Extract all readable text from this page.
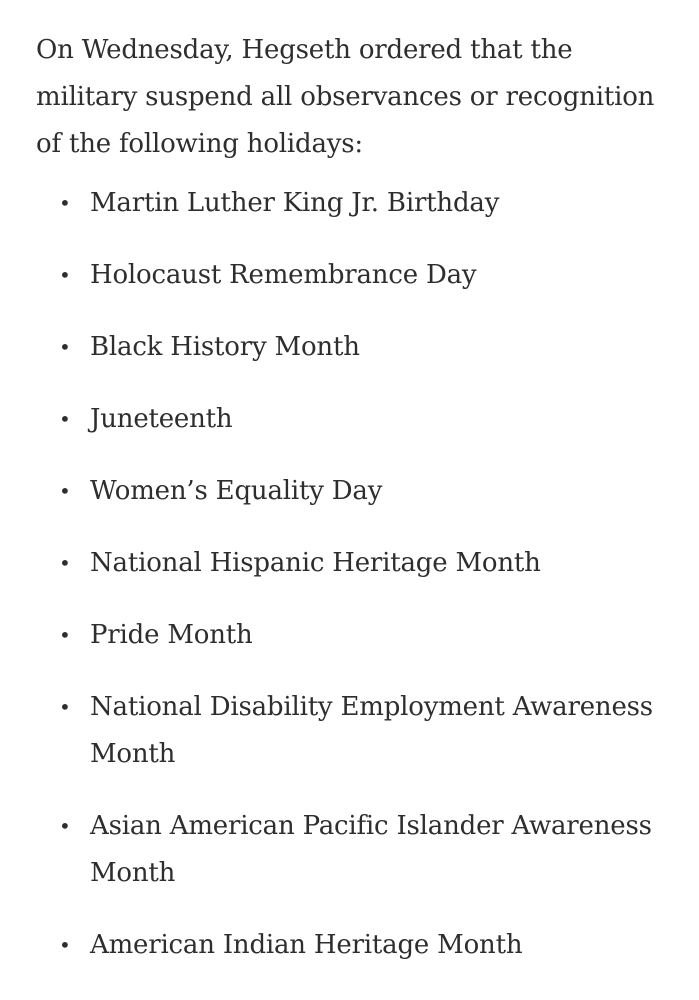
On Wednesday, Hegseth ordered that the military suspend all observances or recognition of the following holidays:

• Martin Luther King Jr. Birthday
• Holocaust Remembrance Day
• Black History Month
• Juneteenth
• Women’s Equality Day
• National Hispanic Heritage Month
• Pride Month
• National Disability Employment Awareness Month
• Asian American Pacific Islander Awareness Month
• American Indian Heritage Month
